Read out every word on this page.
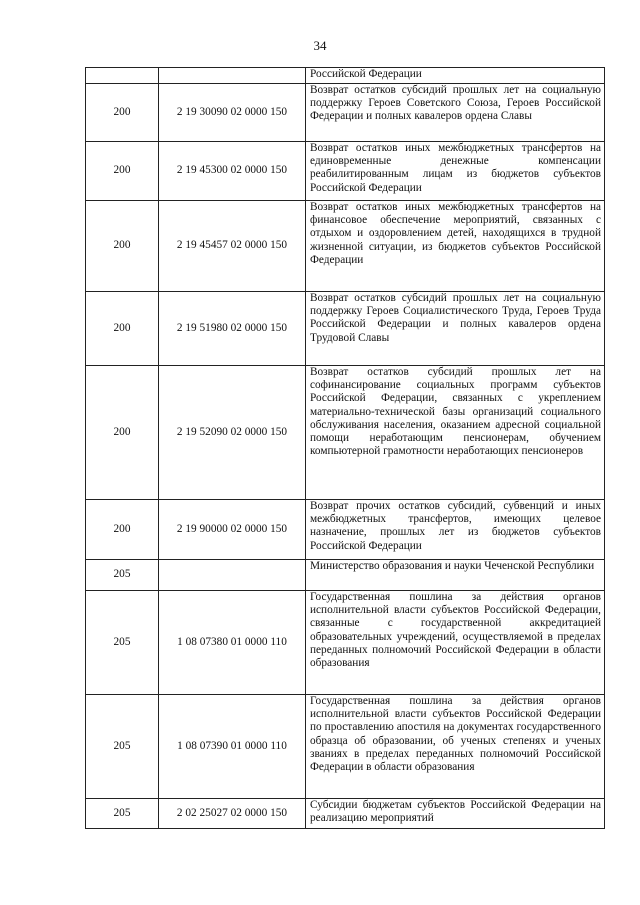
34
		Российской Федерации
200	2 19 30090 02 0000 150	Возврат остатков субсидий прошлых лет на социальную поддержку Героев Советского Союза, Героев Российской Федерации и полных кавалеров ордена Славы
200	2 19 45300 02 0000 150	Возврат остатков иных межбюджетных трансфертов на единовременные денежные компенсации реабилитированным лицам из бюджетов субъектов Российской Федерации
200	2 19 45457 02 0000 150	Возврат остатков иных межбюджетных трансфертов на финансовое обеспечение мероприятий, связанных с отдыхом и оздоровлением детей, находящихся в трудной жизненной ситуации, из бюджетов субъектов Российской Федерации
200	2 19 51980 02 0000 150	Возврат остатков субсидий прошлых лет на социальную поддержку Героев Социалистического Труда, Героев Труда Российской Федерации и полных кавалеров ордена Трудовой Славы
200	2 19 52090 02 0000 150	Возврат остатков субсидий прошлых лет на софинансирование социальных программ субъектов Российской Федерации, связанных с укреплением материально-технической базы организаций социального обслуживания населения, оказанием адресной социальной помощи неработающим пенсионерам, обучением компьютерной грамотности неработающих пенсионеров
200	2 19 90000 02 0000 150	Возврат прочих остатков субсидий, субвенций и иных межбюджетных трансфертов, имеющих целевое назначение, прошлых лет из бюджетов субъектов Российской Федерации
205		Министерство образования и науки Чеченской Республики
205	1 08 07380 01 0000 110	Государственная пошлина за действия органов исполнительной власти субъектов Российской Федерации, связанные с государственной аккредитацией образовательных учреждений, осуществляемой в пределах переданных полномочий Российской Федерации в области образования
205	1 08 07390 01 0000 110	Государственная пошлина за действия органов исполнительной власти субъектов Российской Федерации по проставлению апостиля на документах государственного образца об образовании, об ученых степенях и ученых званиях в пределах переданных полномочий Российской Федерации в области образования
205	2 02 25027 02 0000 150	Субсидии бюджетам субъектов Российской Федерации на реализацию мероприятий
